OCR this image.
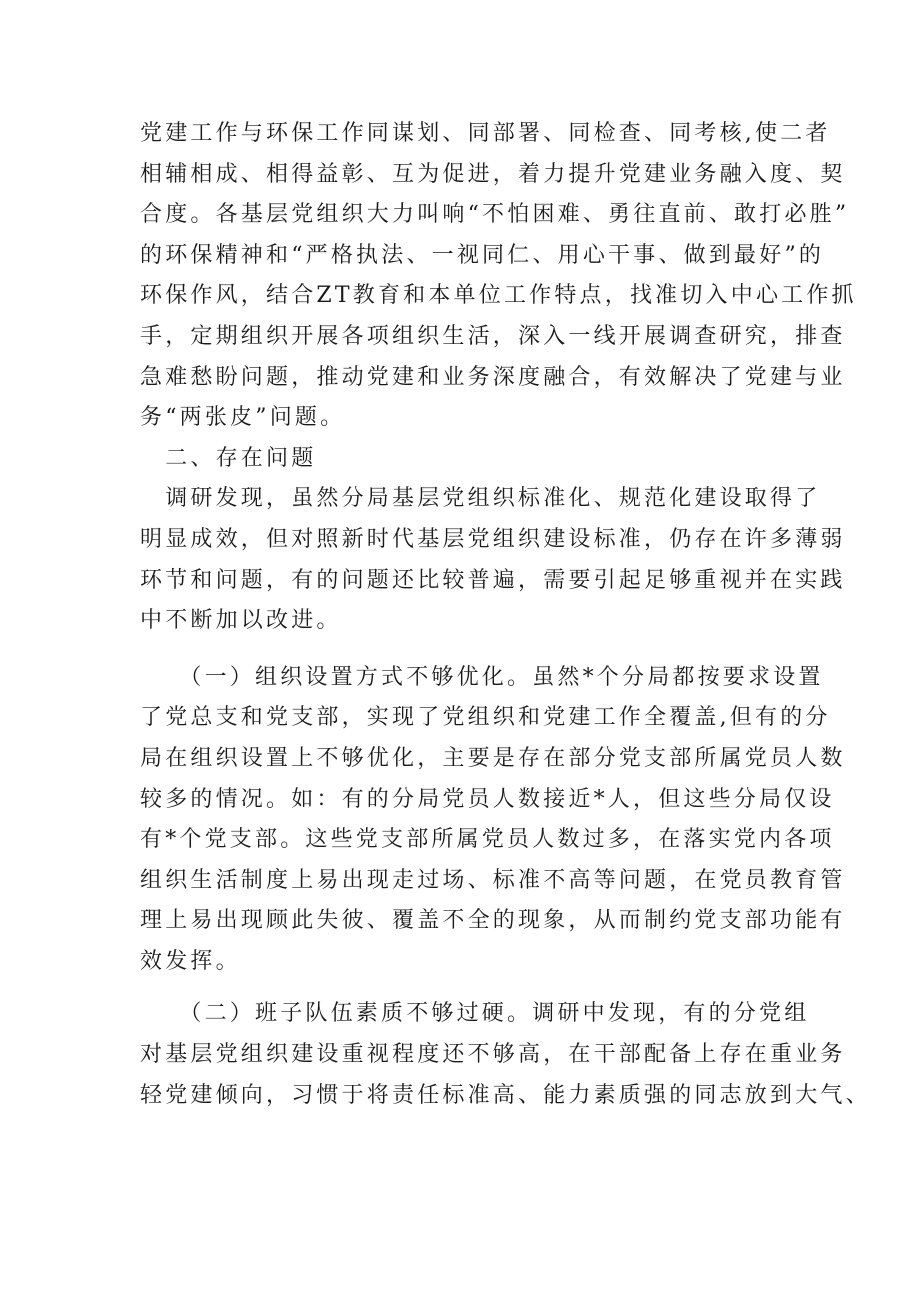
党建工作与环保工作同谋划、同部署、同检查、同考核,使二者
相辅相成、相得益彰、互为促进，着力提升党建业务融入度、契
合度。各基层党组织大力叫响“不怕困难、勇往直前、敢打必胜”
的环保精神和“严格执法、一视同仁、用心干事、做到最好”的
环保作风，结合ZT教育和本单位工作特点，找准切入中心工作抓
手，定期组织开展各项组织生活，深入一线开展调查研究，排查
急难愁盼问题，推动党建和业务深度融合，有效解决了党建与业
务“两张皮”问题。
　二、存在问题
　调研发现，虽然分局基层党组织标准化、规范化建设取得了
明显成效，但对照新时代基层党组织建设标准，仍存在许多薄弱
环节和问题，有的问题还比较普遍，需要引起足够重视并在实践
中不断加以改进。
　　（一）组织设置方式不够优化。虽然*个分局都按要求设置
了党总支和党支部，实现了党组织和党建工作全覆盖,但有的分
局在组织设置上不够优化，主要是存在部分党支部所属党员人数
较多的情况。如：有的分局党员人数接近*人，但这些分局仅设
有*个党支部。这些党支部所属党员人数过多，在落实党内各项
组织生活制度上易出现走过场、标准不高等问题，在党员教育管
理上易出现顾此失彼、覆盖不全的现象，从而制约党支部功能有
效发挥。
　　（二）班子队伍素质不够过硬。调研中发现，有的分党组
对基层党组织建设重视程度还不够高，在干部配备上存在重业务
轻党建倾向，习惯于将责任标准高、能力素质强的同志放到大气、
